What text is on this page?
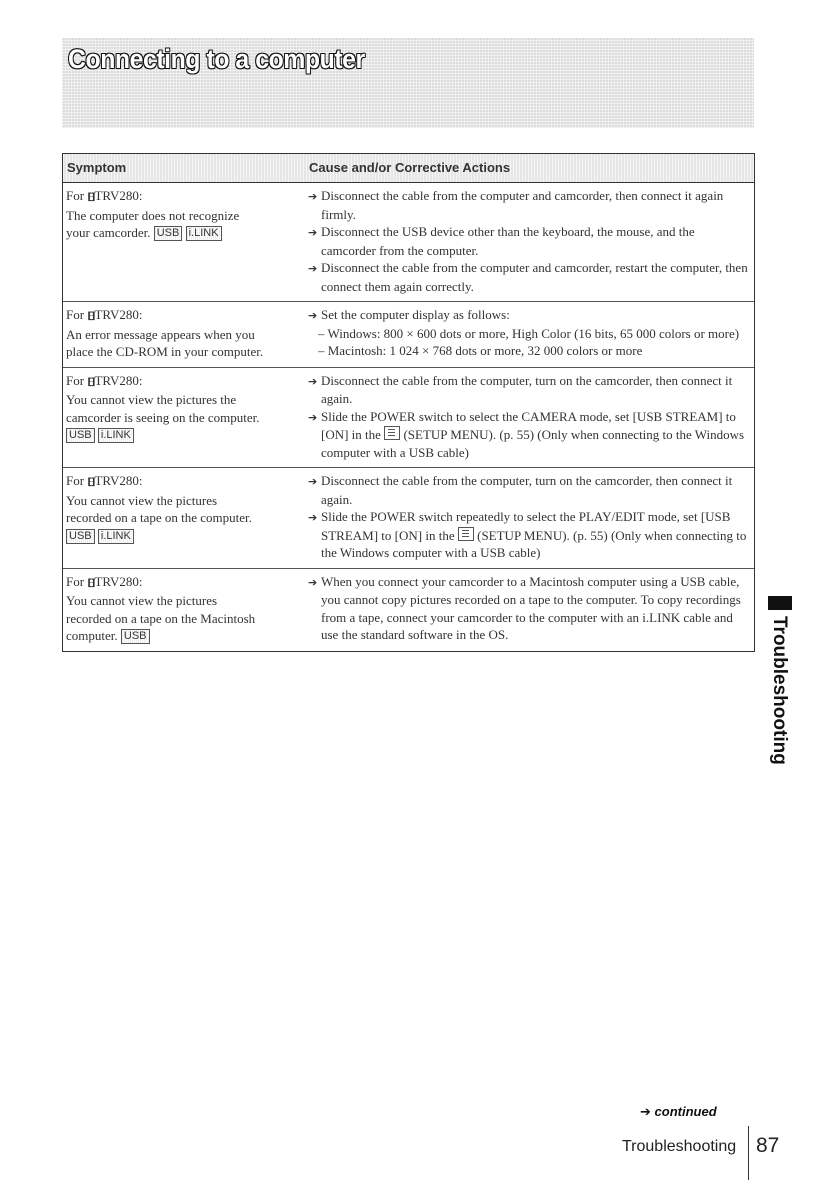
Connecting to a computer
Symptom	Cause and/or Corrective Actions
For ⁅⁆TRV280:
The computer does not recognize
your camcorder. USB i.LINK
➔ Disconnect the cable from the computer and camcorder, then connect it again firmly.
➔ Disconnect the USB device other than the keyboard, the mouse, and the camcorder from the computer.
➔ Disconnect the cable from the computer and camcorder, restart the computer, then connect them again correctly.
For ⁅⁆TRV280:
An error message appears when you
place the CD-ROM in your computer.
➔ Set the computer display as follows:
– Windows: 800 × 600 dots or more, High Color (16 bits, 65 000 colors or more)
– Macintosh: 1 024 × 768 dots or more, 32 000 colors or more
For ⁅⁆TRV280:
You cannot view the pictures the
camcorder is seeing on the computer.
USB i.LINK
➔ Disconnect the cable from the computer, turn on the camcorder, then connect it again.
➔ Slide the POWER switch to select the CAMERA mode, set [USB STREAM] to [ON] in the (SETUP MENU). (p. 55) (Only when connecting to the Windows computer with a USB cable)
For ⁅⁆TRV280:
You cannot view the pictures
recorded on a tape on the computer.
USB i.LINK
➔ Disconnect the cable from the computer, turn on the camcorder, then connect it again.
➔ Slide the POWER switch repeatedly to select the PLAY/EDIT mode, set [USB STREAM] to [ON] in the (SETUP MENU). (p. 55) (Only when connecting to the Windows computer with a USB cable)
For ⁅⁆TRV280:
You cannot view the pictures
recorded on a tape on the Macintosh
computer. USB
➔ When you connect your camcorder to a Macintosh computer using a USB cable, you cannot copy pictures recorded on a tape to the computer. To copy recordings from a tape, connect your camcorder to the computer with an i.LINK cable and use the standard software in the OS.	Troubleshooting
➔ continued
Troubleshooting 87
